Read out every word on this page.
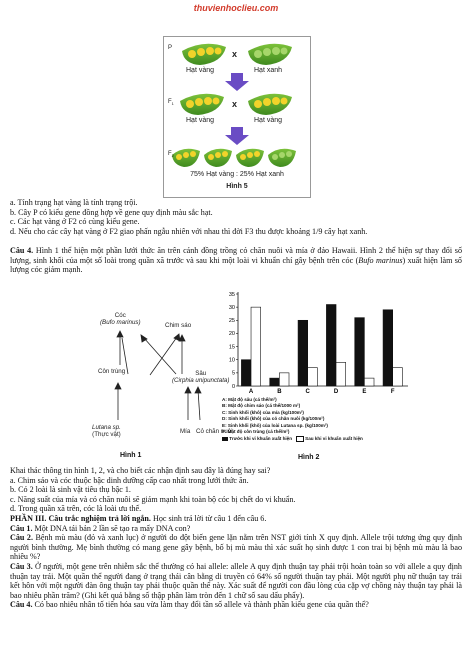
thuvienhoclieu.com
P
x
Hạt vàng	Hạt xanh
$F_1$	x
Hạt vàng	Hạt vàng
$F_2$
75% Hạt vàng : 25% Hạt xanh
Hình 5

a. Tính trạng hạt vàng là tính trạng trội.

b. Cây P có kiểu gene đồng hợp về gene quy định màu sắc hạt.

c. Các hạt vàng ở F2 có cùng kiểu gene.

d. Nếu cho các cây hạt vàng ở F2 giao phấn ngẫu nhiên với nhau thì đời F3 thu được khoảng 1/9 cây hạt xanh.

Câu 4. Hình 1 thể hiện một phần lưới thức ăn trên cánh đồng trồng cỏ chăn nuôi và mía ở đảo Hawaii. Hình 2 thể hiện sự thay đổi số lượng, sinh khối của một số loài trong quần xã trước và sau khi một loài vi khuẩn chí gây bệnh trên cóc (Bufo marinus) xuất hiện làm số lượng cóc giảm mạnh.

Cóc
(Bufo marinus)	Chim sáo
Côn trùng	Sâu
(Cirphia unipunctata)
Lutana sp.
(Thực vật)	Mía Cỏ chăn nuôi
Hình 1
0
5
10
15
20
25
30
35
A	B	C	D	E	F
A: Mật độ sâu (cá thể/m²)
B: Mật độ chim sáo (cá thể/1000 m²)
C: Sinh khối (khô) của mía (kg/100m²)
D: Sinh khối (khô) của cỏ chăn nuôi (kg/100m²)
E: Sinh khối (khô) của loài Lutana sp. (kg/100m²)
F: Mật độ côn trùng (cá thể/m²)
Trước khi vi khuẩn xuất hiện	Sau khi vi khuẩn xuất hiện
Hình 2

Khai thác thông tin hình 1, 2, và cho biết các nhận định sau đây là đúng hay sai?

a. Chim sáo và cóc thuộc bậc dinh dưỡng cấp cao nhất trong lưới thức ăn.

b. Có 2 loài là sinh vật tiêu thụ bậc 1.

c. Năng suất của mía và cỏ chăn nuôi sẽ giảm mạnh khi toàn bộ cóc bị chết do vi khuẩn.

d. Trong quần xã trên, cóc là loài ưu thế.

PHẦN III. Câu trắc nghiệm trả lời ngắn. Học sinh trả lời từ câu 1 đến câu 6.

Câu 1. Một DNA tái bản 2 lần sẽ tạo ra mấy DNA con?

Câu 2. Bệnh mù màu (đỏ và xanh lục) ở người do đột biến gene lặn nằm trên NST giới tính X quy định. Allele trội tương ứng quy định người bình thường. Mẹ bình thường có mang gene gây bệnh, bố bị mù màu thì xác suất họ sinh được 1 con trai bị bệnh mù màu là bao nhiêu %?

Câu 3. Ở người, một gene trên nhiễm sắc thể thường có hai allele: allele A quy định thuận tay phải trội hoàn toàn so với allele a quy định thuận tay trái. Một quần thể người đang ở trạng thái cân bằng di truyền có 64% số người thuận tay phải. Một người phụ nữ thuận tay trái kết hôn với một người đàn ông thuận tay phải thuộc quần thể này. Xác suất để người con đầu lòng của cặp vợ chồng này thuận tay phải là bao nhiêu phần trăm? (Ghi kết quả bằng số thập phân làm tròn đến 1 chữ số sau dấu phẩy).

Câu 4. Có bao nhiêu nhân tố tiến hóa sau vừa làm thay đổi tần số allele và thành phần kiểu gene của quần thể?
